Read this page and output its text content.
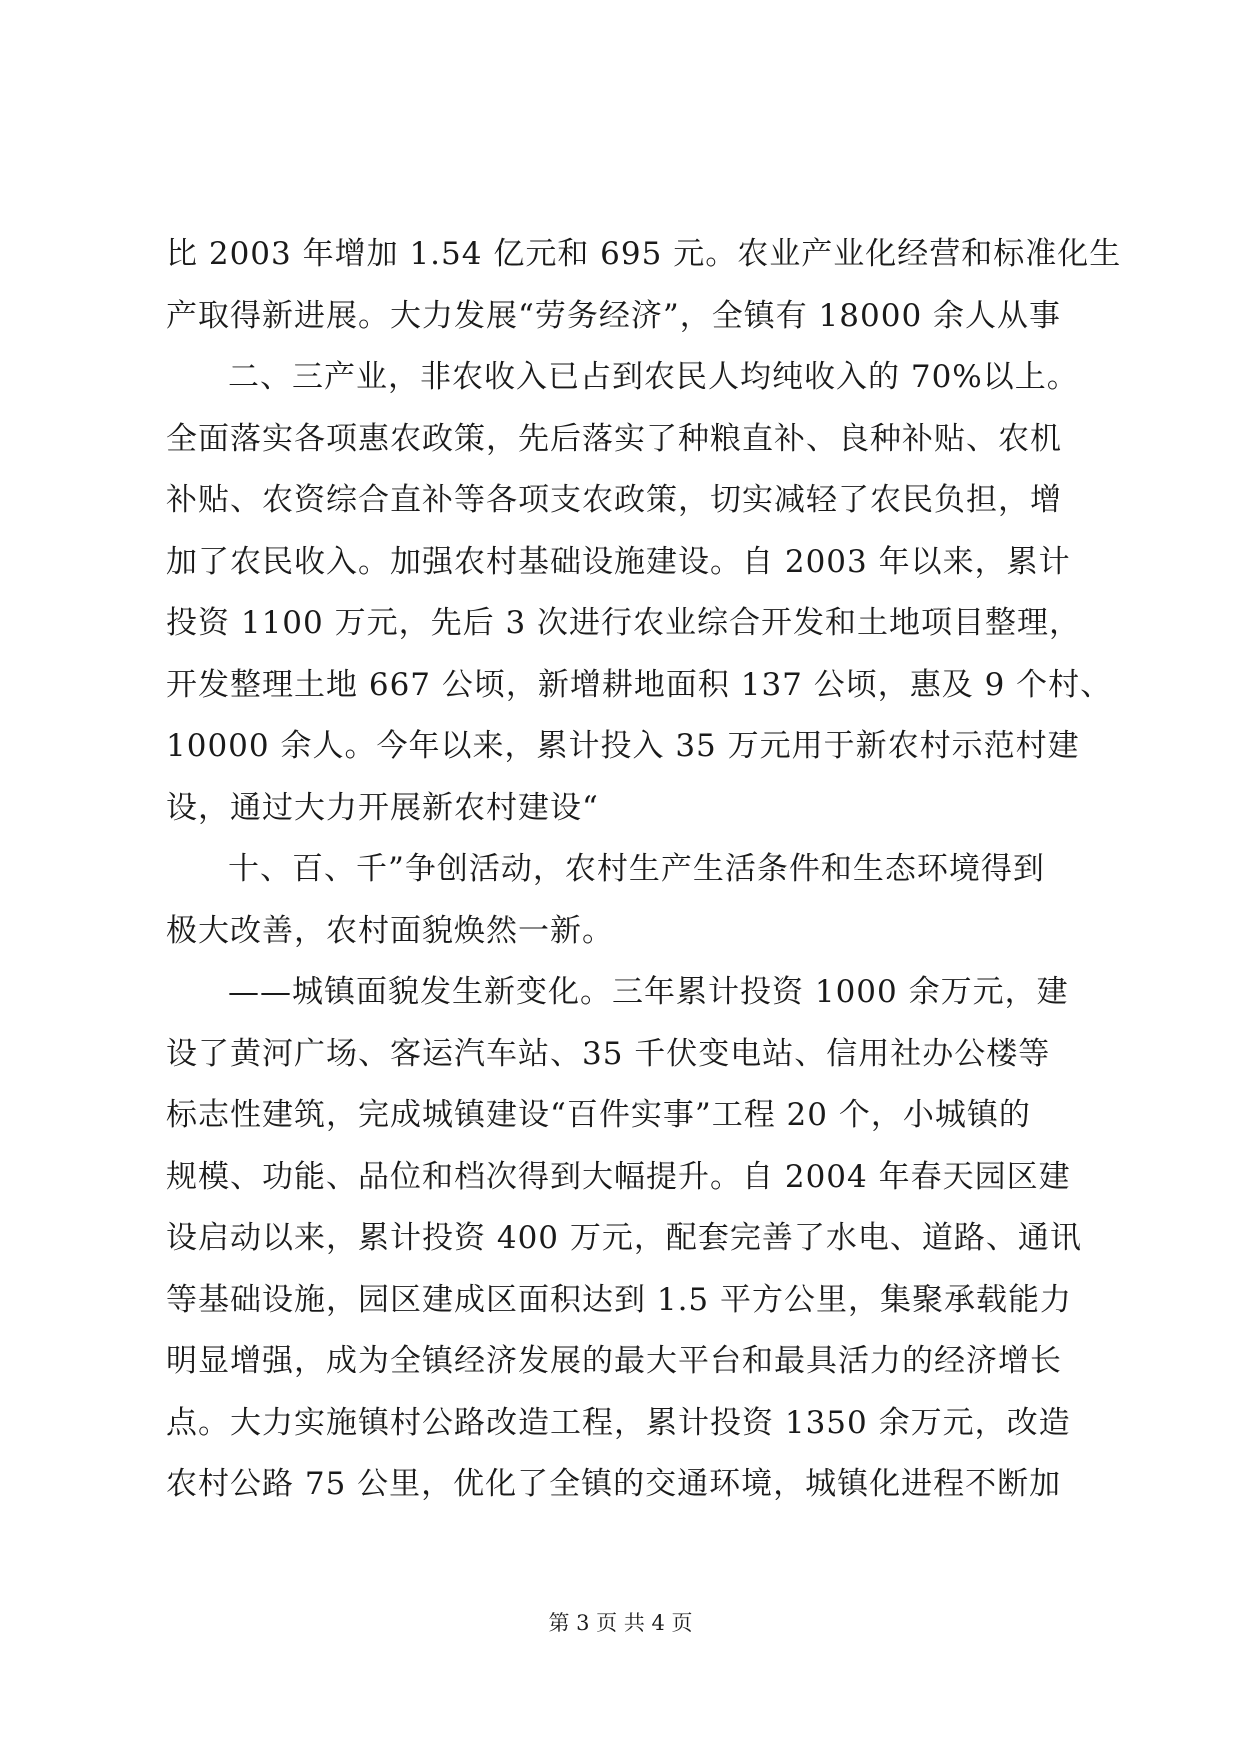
比 2003 年增加 1.54 亿元和 695 元。农业产业化经营和标准化生
产取得新进展。大力发展“劳务经济”，全镇有 18000 余人从事
二、三产业，非农收入已占到农民人均纯收入的 70%以上。
全面落实各项惠农政策，先后落实了种粮直补、良种补贴、农机
补贴、农资综合直补等各项支农政策，切实减轻了农民负担，增
加了农民收入。加强农村基础设施建设。自 2003 年以来，累计
投资 1100 万元，先后 3 次进行农业综合开发和土地项目整理，
开发整理土地 667 公顷，新增耕地面积 137 公顷，惠及 9 个村、
10000 余人。今年以来，累计投入 35 万元用于新农村示范村建
设，通过大力开展新农村建设“
十、百、千”争创活动，农村生产生活条件和生态环境得到
极大改善，农村面貌焕然一新。
——城镇面貌发生新变化。三年累计投资 1000 余万元，建
设了黄河广场、客运汽车站、35 千伏变电站、信用社办公楼等
标志性建筑，完成城镇建设“百件实事”工程 20 个，小城镇的
规模、功能、品位和档次得到大幅提升。自 2004 年春天园区建
设启动以来，累计投资 400 万元，配套完善了水电、道路、通讯
等基础设施，园区建成区面积达到 1.5 平方公里，集聚承载能力
明显增强，成为全镇经济发展的最大平台和最具活力的经济增长
点。大力实施镇村公路改造工程，累计投资 1350 余万元，改造
农村公路 75 公里，优化了全镇的交通环境，城镇化进程不断加
第 3 页 共 4 页
